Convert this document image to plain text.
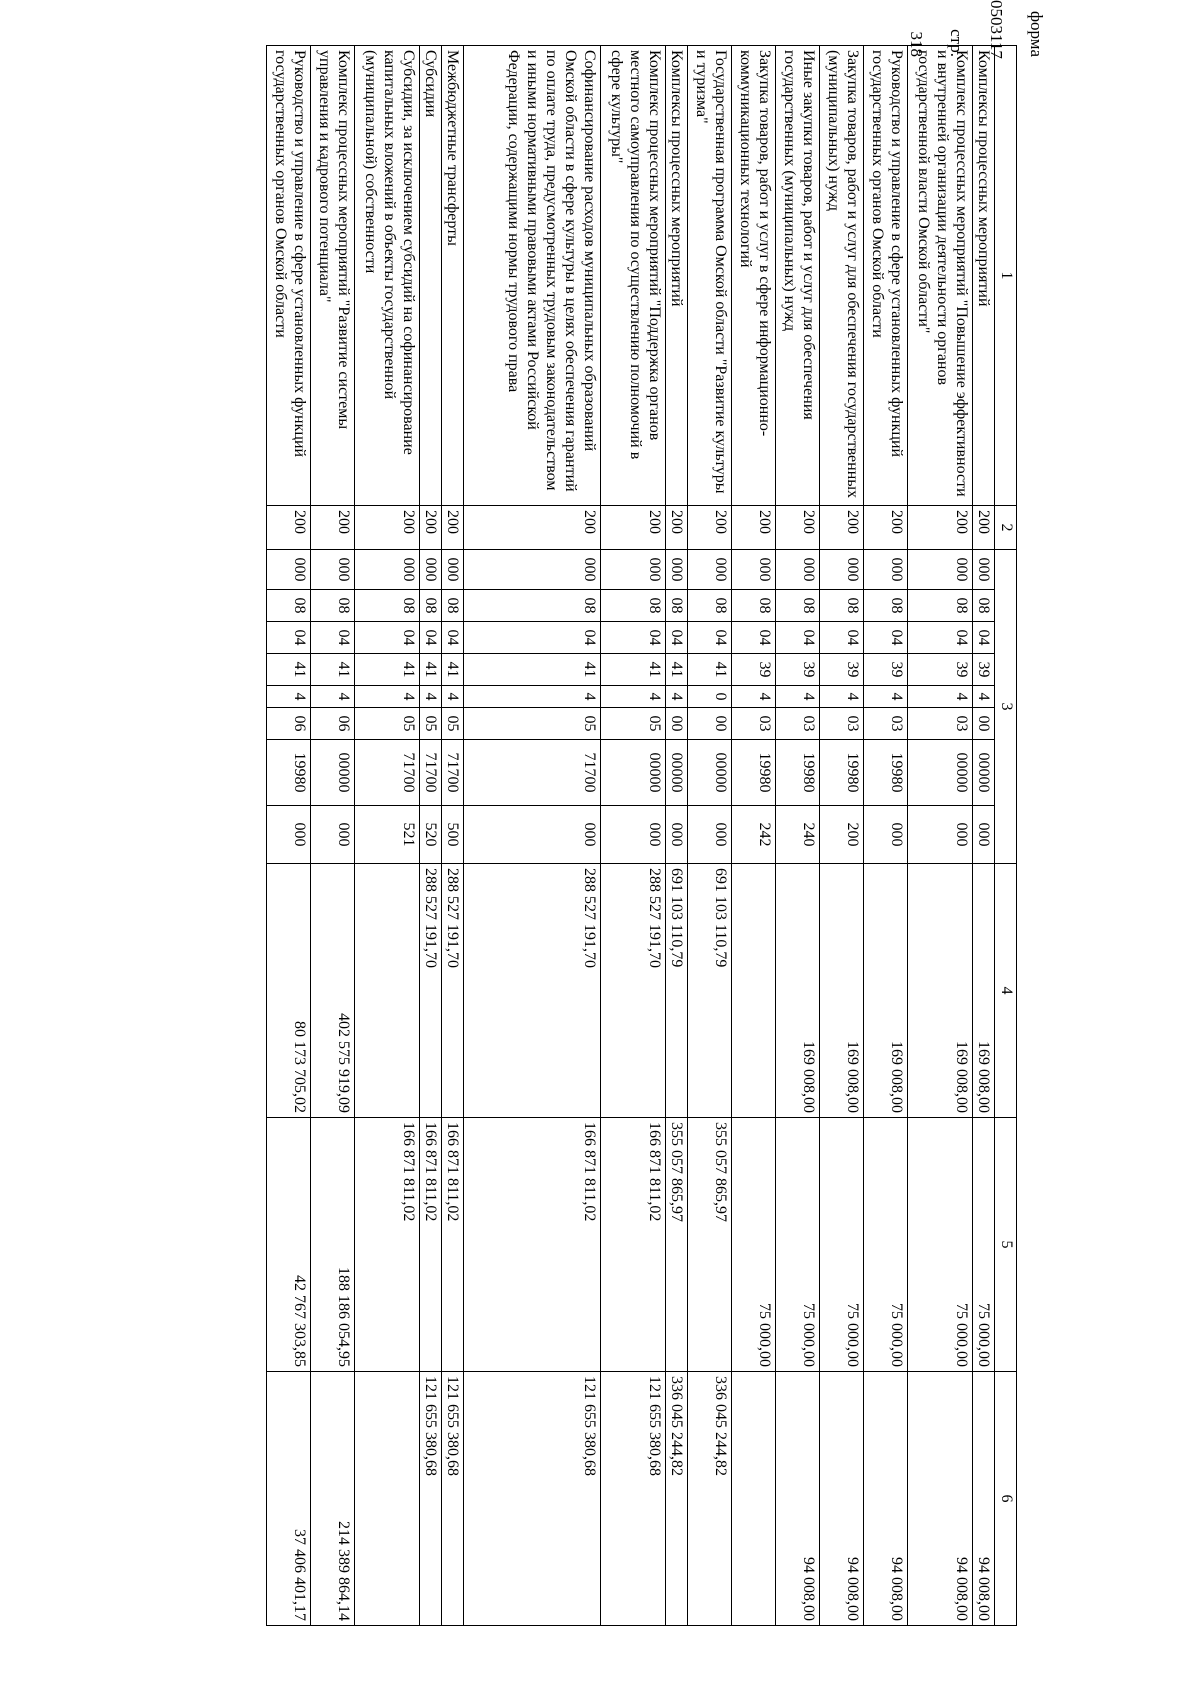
форма 0503117 стр. 318
1	2	3								4	5	6
Комплексы процессных мероприятий	200	000	08	04	39	4	00	00000	000	169 008,00	75 000,00	94 008,00
Комплекс процессных мероприятий "Повышение эффективности и внутренней организации деятельности органов государственной власти Омской области"	200	000	08	04	39	4	03	00000	000	169 008,00	75 000,00	94 008,00
Руководство и управление в сфере установленных функций государственных органов Омской области	200	000	08	04	39	4	03	19980	000	169 008,00	75 000,00	94 008,00
Закупка товаров, работ и услуг для обеспечения государственных (муниципальных) нужд	200	000	08	04	39	4	03	19980	200	169 008,00	75 000,00	94 008,00
Иные закупки товаров, работ и услуг для обеспечения государственных (муниципальных) нужд	200	000	08	04	39	4	03	19980	240	169 008,00	75 000,00	94 008,00
Закупка товаров, работ и услуг в сфере информационно-коммуникационных технологий	200	000	08	04	39	4	03	19980	242		75 000,00	
Государственная программа Омской области "Развитие культуры и туризма"	200	000	08	04	41	0	00	00000	000	691 103 110,79	355 057 865,97	336 045 244,82
Комплексы процессных мероприятий	200	000	08	04	41	4	00	00000	000	691 103 110,79	355 057 865,97	336 045 244,82
Комплекс процессных мероприятий "Поддержка органов местного самоуправления по осуществлению полномочий в сфере культуры"	200	000	08	04	41	4	05	00000	000	288 527 191,70	166 871 811,02	121 655 380,68
Софинансирование расходов муниципальных образований Омской области в сфере культуры в целях обеспечения гарантий по оплате труда, предусмотренных трудовым законодательством и иными нормативными правовыми актами Российской Федерации, содержащими нормы трудового права	200	000	08	04	41	4	05	71700	000	288 527 191,70	166 871 811,02	121 655 380,68
Межбюджетные трансферты	200	000	08	04	41	4	05	71700	500	288 527 191,70	166 871 811,02	121 655 380,68
Субсидии	200	000	08	04	41	4	05	71700	520	288 527 191,70	166 871 811,02	121 655 380,68
Субсидии, за исключением субсидий на софинансирование капитальных вложений в объекты государственной (муниципальной) собственности	200	000	08	04	41	4	05	71700	521		166 871 811,02	
Комплекс процессных мероприятий "Развитие системы управления и кадрового потенциала"	200	000	08	04	41	4	06	00000	000	402 575 919,09	188 186 054,95	214 389 864,14
Руководство и управление в сфере установленных функций государственных органов Омской области	200	000	08	04	41	4	06	19980	000	80 173 705,02	42 767 303,85	37 406 401,17
